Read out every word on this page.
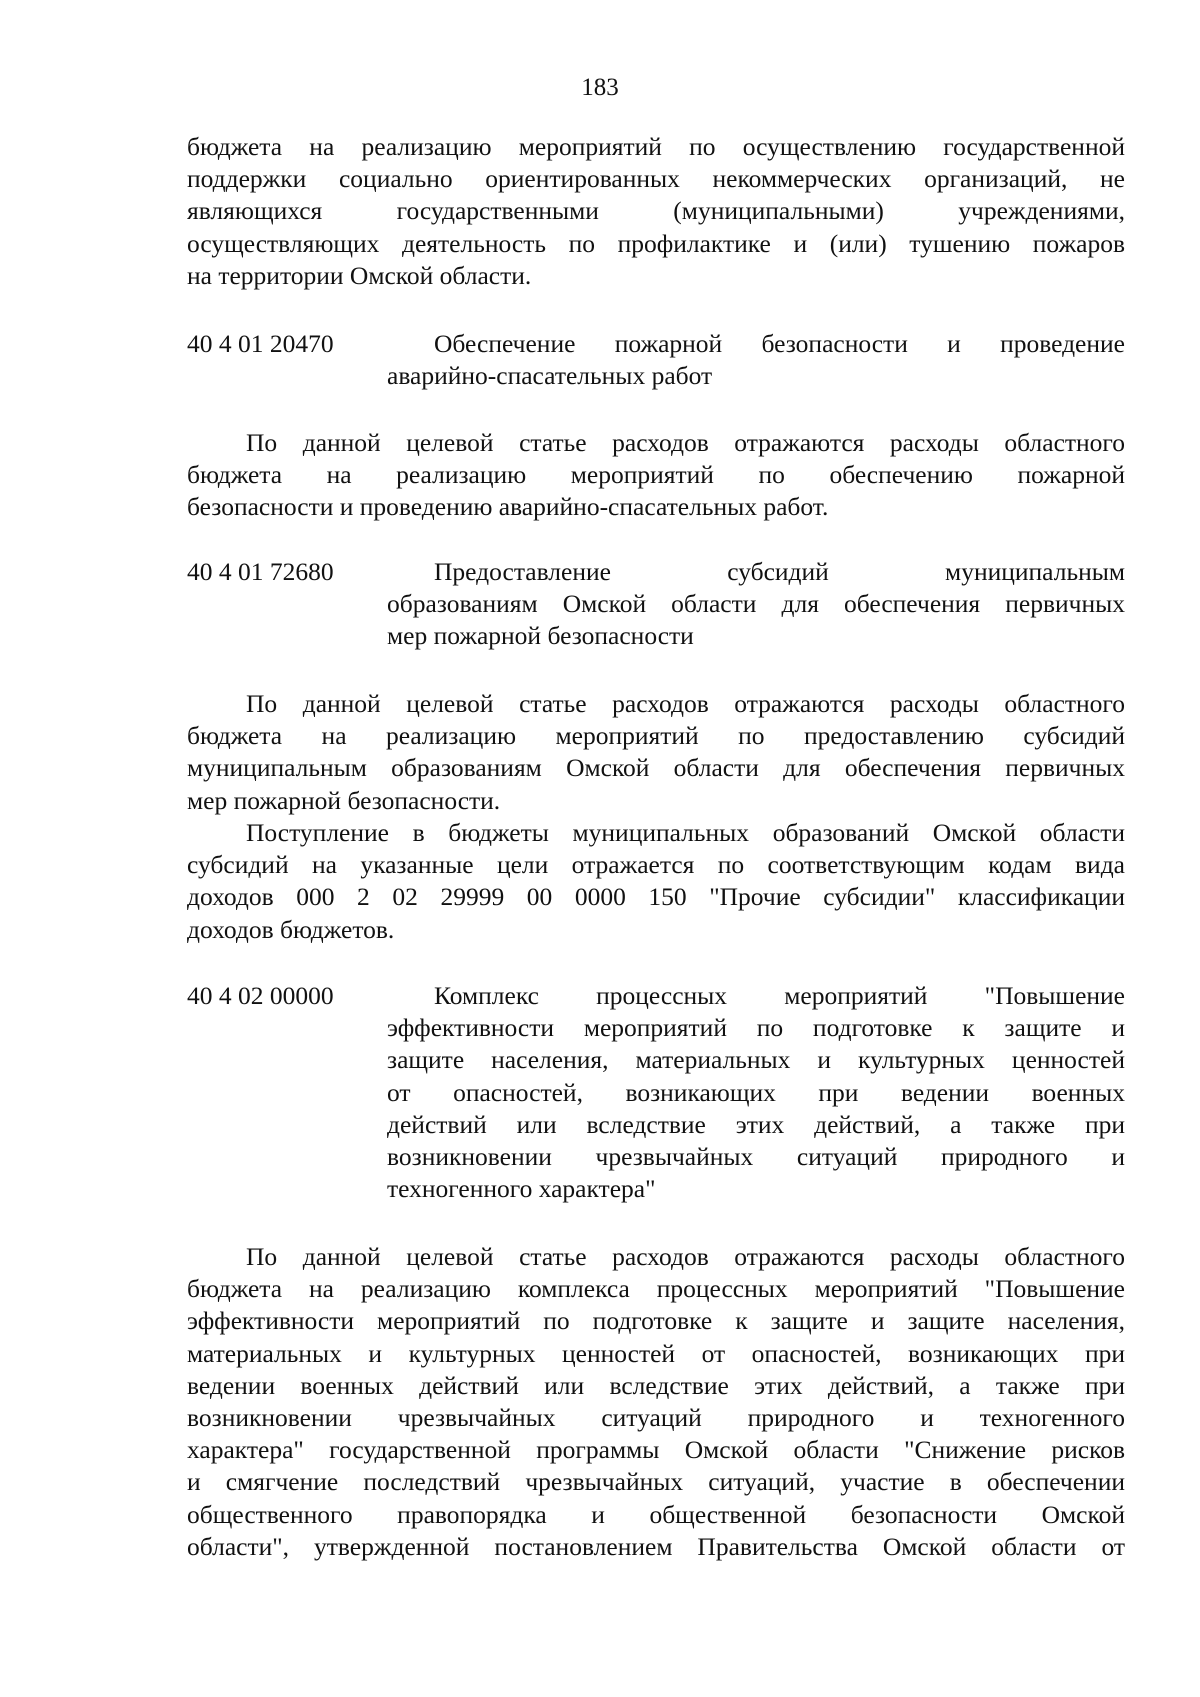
183
бюджета на реализацию мероприятий по осуществлению государственной
поддержки социально ориентированных некоммерческих организаций, не
являющихся государственными (муниципальными) учреждениями,
осуществляющих деятельность по профилактике и (или) тушению пожаров
на территории Омской области.
40 4 01 20470	Обеспечение пожарной безопасности и проведение
аварийно-спасательных работ
По данной целевой статье расходов отражаются расходы областного
бюджета на реализацию мероприятий по обеспечению пожарной
безопасности и проведению аварийно-спасательных работ.
40 4 01 72680	Предоставление субсидий муниципальным
образованиям Омской области для обеспечения первичных
мер пожарной безопасности
По данной целевой статье расходов отражаются расходы областного
бюджета на реализацию мероприятий по предоставлению субсидий
муниципальным образованиям Омской области для обеспечения первичных
мер пожарной безопасности.
Поступление в бюджеты муниципальных образований Омской области
субсидий на указанные цели отражается по соответствующим кодам вида
доходов 000 2 02 29999 00 0000 150 "Прочие субсидии" классификации
доходов бюджетов.
40 4 02 00000	Комплекс процессных мероприятий "Повышение
эффективности мероприятий по подготовке к защите и
защите населения, материальных и культурных ценностей
от опасностей, возникающих при ведении военных
действий или вследствие этих действий, а также при
возникновении чрезвычайных ситуаций природного и
техногенного характера"
По данной целевой статье расходов отражаются расходы областного
бюджета на реализацию комплекса процессных мероприятий "Повышение
эффективности мероприятий по подготовке к защите и защите населения,
материальных и культурных ценностей от опасностей, возникающих при
ведении военных действий или вследствие этих действий, а также при
возникновении чрезвычайных ситуаций природного и техногенного
характера" государственной программы Омской области "Снижение рисков
и смягчение последствий чрезвычайных ситуаций, участие в обеспечении
общественного правопорядка и общественной безопасности Омской
области", утвержденной постановлением Правительства Омской области от
